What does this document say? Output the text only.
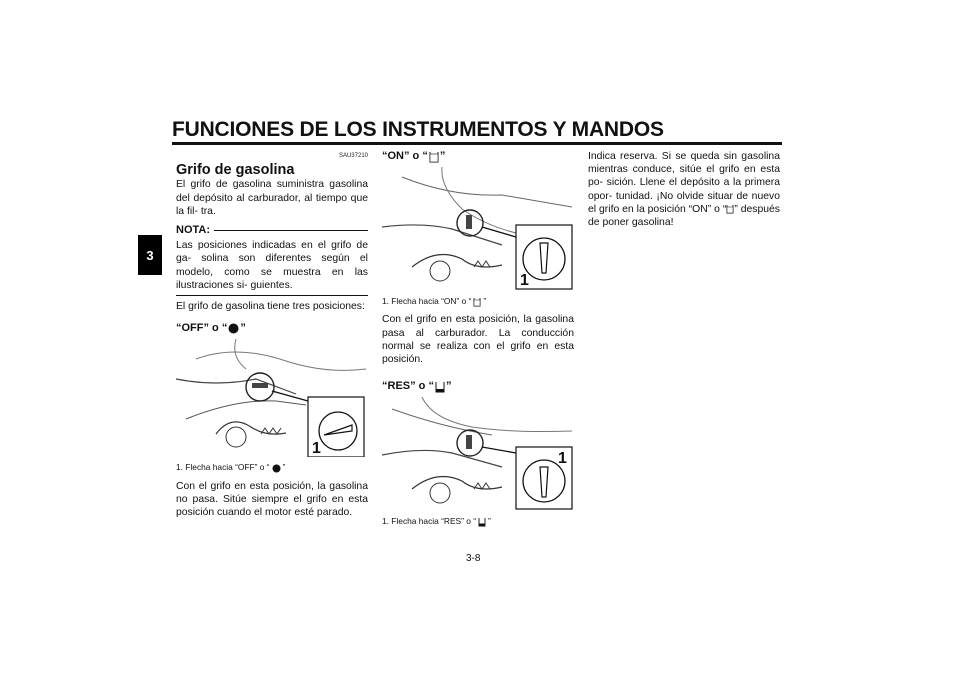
FUNCIONES DE LOS INSTRUMENTOS Y MANDOS
3
SAU37210
Grifo de gasolina

El grifo de gasolina suministra gasolina del depósito al carburador, al tiempo que la fil- tra.

NOTA:

Las posiciones indicadas en el grifo de ga- solina son diferentes según el modelo, como se muestra en las ilustraciones si- guientes.

El grifo de gasolina tiene tres posiciones:

“OFF” o “ ”
1
1. Flecha hacia “OFF” o “ ”

Con el grifo en esta posición, la gasolina no pasa. Sitúe siempre el grifo en esta posición cuando el motor esté parado.

“ON” o “ ”
1
1. Flecha hacia “ON” o “ ”

Con el grifo en esta posición, la gasolina pasa al carburador. La conducción normal se realiza con el grifo en esta posición.

“RES” o “ ”
1
1. Flecha hacia “RES” o “ ”

Indica reserva. Si se queda sin gasolina mientras conduce, sitúe el grifo en esta po- sición. Llene el depósito a la primera opor- tunidad. ¡No olvide situar de nuevo el grifo en la posición “ON” o “ ” después de poner gasolina!

3-8
